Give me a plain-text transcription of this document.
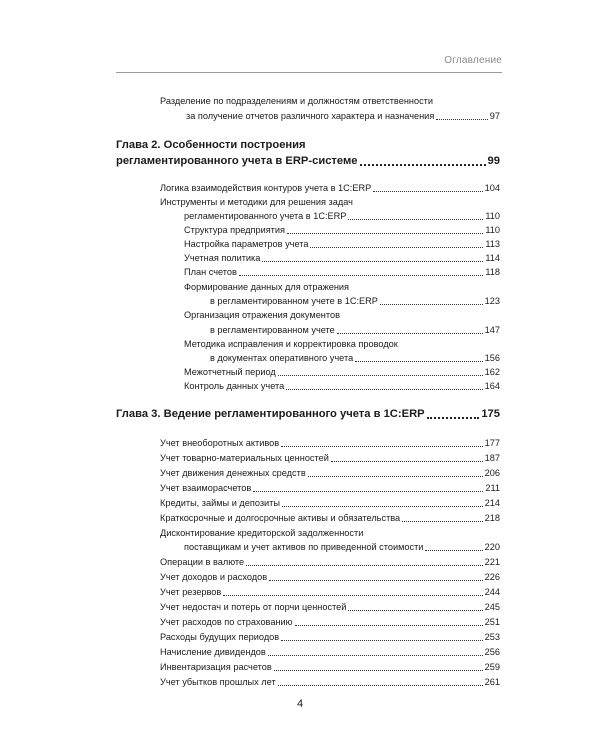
Оглавление
Разделение по подразделениям и должностям ответственности
за получение отчетов различного характера и назначения	97
Глава 2. Особенности построения
регламентированного учета в ERP-системе	99
Логика взаимодействия контуров учета в 1С:ERP	104
Инструменты и методики для решения задач
регламентированного учета в 1С:ERP	110
Структура предприятия	110
Настройка параметров учета	113
Учетная политика	114
План счетов	118
Формирование данных для отражения
в регламентированном учете в 1С:ERP	123
Организация отражения документов
в регламентированном учете	147
Методика исправления и корректировка проводок
в документах оперативного учета	156
Межотчетный период	162
Контроль данных учета	164
Глава 3. Ведение регламентированного учета в 1С:ERP	175
Учет внеоборотных активов	177
Учет товарно-материальных ценностей	187
Учет движения денежных средств	206
Учет взаиморасчетов	211
Кредиты, займы и депозиты	214
Краткосрочные и долгосрочные активы и обязательства	218
Дисконтирование кредиторской задолженности
поставщикам и учет активов по приведенной стоимости	220
Операции в валюте	221
Учет доходов и расходов	226
Учет резервов	244
Учет недостач и потерь от порчи ценностей	245
Учет расходов по страхованию	251
Расходы будущих периодов	253
Начисление дивидендов	256
Инвентаризация расчетов	259
Учет убытков прошлых лет	261
4
